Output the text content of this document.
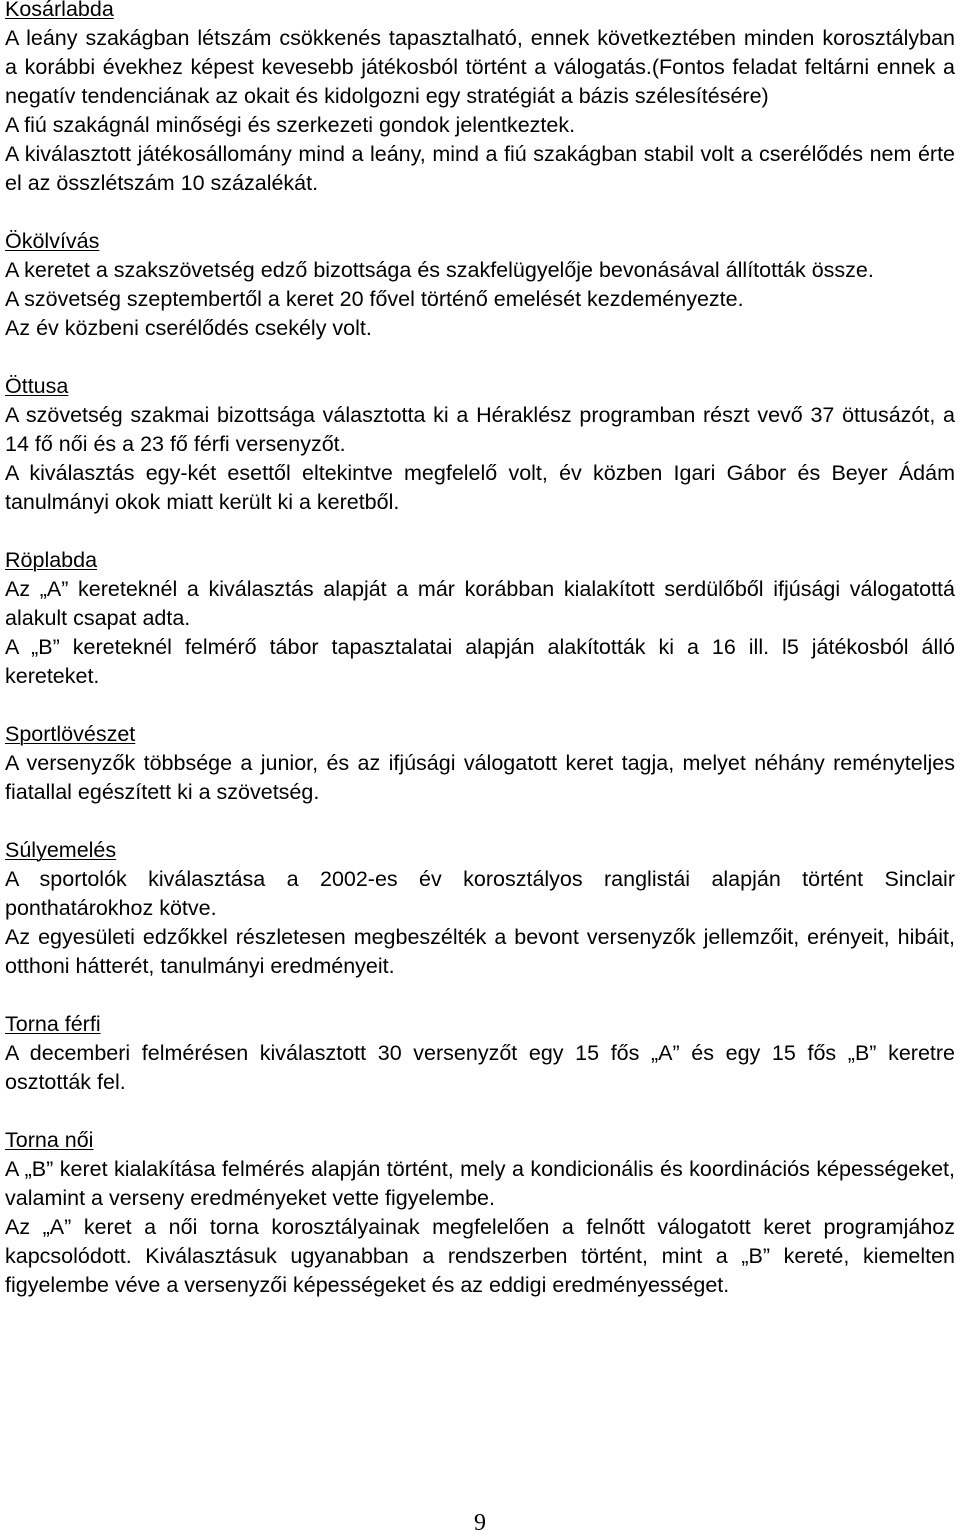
Kosárlabda
A leány szakágban létszám csökkenés tapasztalható, ennek következtében minden korosztályban a korábbi évekhez képest kevesebb játékosból történt a válogatás.(Fontos feladat feltárni ennek a negatív tendenciának az okait és kidolgozni egy stratégiát a bázis szélesítésére)
A fiú szakágnál minőségi és szerkezeti gondok jelentkeztek.
A kiválasztott játékosállomány mind a leány, mind a fiú szakágban stabil volt a cserélődés nem érte el az összlétszám 10 százalékát.
Ökölvívás
A keretet a szakszövetség edző bizottsága és szakfelügyelője bevonásával állították össze.
A szövetség szeptembertől a keret 20 fővel történő emelését kezdeményezte.
Az év közbeni cserélődés csekély volt.
Öttusa
A szövetség szakmai bizottsága választotta ki a Héraklész programban részt vevő 37 öttusázót, a 14 fő női és a 23 fő férfi versenyzőt.
A kiválasztás egy-két esettől eltekintve megfelelő volt, év közben Igari Gábor és Beyer Ádám tanulmányi okok miatt került ki a keretből.
Röplabda
Az „A” kereteknél a kiválasztás alapját a már korábban kialakított serdülőből ifjúsági válogatottá alakult csapat adta.
A „B” kereteknél felmérő tábor tapasztalatai alapján alakították ki a 16 ill. l5 játékosból álló kereteket.
Sportlövészet
A versenyzők többsége a junior, és az ifjúsági válogatott keret tagja, melyet néhány reményteljes fiatallal egészített ki a szövetség.
Súlyemelés
A sportolók kiválasztása a 2002-es év korosztályos ranglistái alapján történt Sinclair ponthatárokhoz kötve.
Az egyesületi edzőkkel részletesen megbeszélték a bevont versenyzők jellemzőit, erényeit, hibáit, otthoni hátterét, tanulmányi eredményeit.
Torna férfi
A decemberi felmérésen kiválasztott 30 versenyzőt egy 15 fős „A” és egy 15 fős „B” keretre osztották fel.
Torna női
A „B” keret kialakítása felmérés alapján történt, mely a kondicionális és koordinációs képességeket, valamint a verseny eredményeket vette figyelembe.
Az „A” keret a női torna korosztályainak megfelelően a felnőtt válogatott keret programjához kapcsolódott. Kiválasztásuk ugyanabban a rendszerben történt, mint a „B” kereté, kiemelten figyelembe véve a versenyzői képességeket és az eddigi eredményességet.
9
